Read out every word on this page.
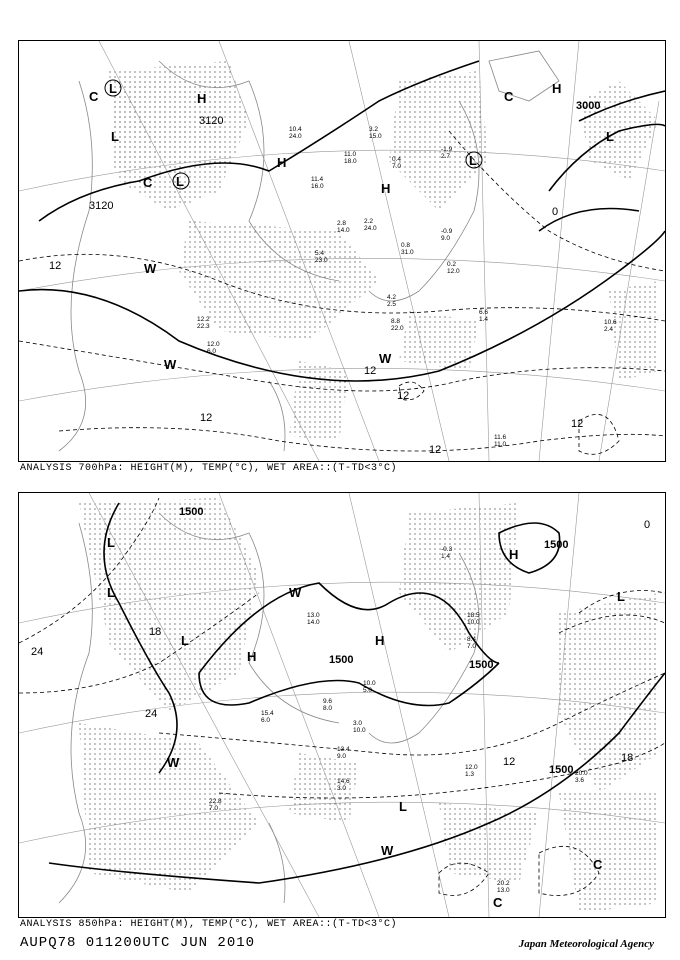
3120
3120
3000
12
12
12
0
12	12
12
L
H
L
L
H
H
L
H
L
W
W	W
C
C
C
10.4 24.0
11.4 16.0
2.8 14.0
2.2 24.0
5.4 23.0
4.2 2.5
8.8 22.0
11.0 18.0
0.8 31.0
0.2 12.0
-0.9 9.0
6.6 1.4	10.6 2.4
12.0 6.0
12.2 22.3
11.6 11.0
3.2 15.0
0.4 7.0
-1.9 2.7
ANALYSIS 700hPa: HEIGHT(M), TEMP(°C), WET AREA::(T-TD<3°C)
1500
1500
1500	1500
1500
24
18
24
12	18
0
L
L
L
H
H
H
L
L
W
W
W
C
C
13.0 14.0
10.0 5.0
9.6 8.0
3.0 10.0
13.4 9.0
14.6 3.0
12.0 1.3	20.0 3.6
22.8 7.0
18.5 10.0
-0.3 1.4
8.4 7.0
20.2 13.0
15.4 6.0
ANALYSIS 850hPa: HEIGHT(M), TEMP(°C), WET AREA::(T-TD<3°C)
AUPQ78 011200UTC JUN 2010	Japan Meteorological Agency
